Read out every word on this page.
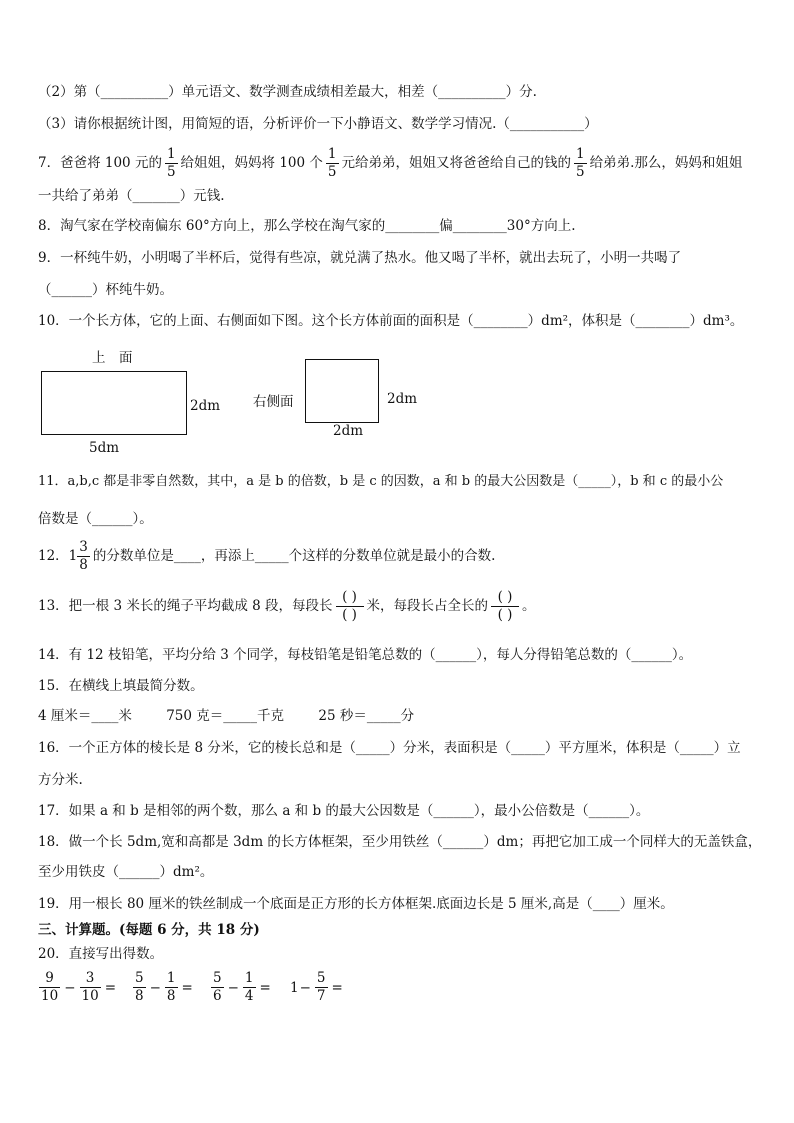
（2）第（__________）单元语文、数学测查成绩相差最大，相差（__________）分.
（3）请你根据统计图，用简短的语，分析评价一下小静语文、数学学习情况.（___________）
7．爸爸将 100 元的 $\frac{1}{5}$ 给姐姐，妈妈将 100 个 $\frac{1}{5}$ 元给弟弟，姐姐又将爸爸给自己的钱的 $\frac{1}{5}$ 给弟弟.那么，妈妈和姐姐
一共给了弟弟（_______）元钱.
8．淘气家在学校南偏东 60°方向上，那么学校在淘气家的________偏________30°方向上.
9．一杯纯牛奶，小明喝了半杯后，觉得有些凉，就兑满了热水。他又喝了半杯，就出去玩了，小明一共喝了
（______）杯纯牛奶。
10．一个长方体，它的上面、右侧面如下图。这个长方体前面的面积是（________）dm²，体积是（________）dm³。
上　面
2dm
5dm
右侧面	2dm
2dm
11．a,b,c 都是非零自然数，其中，a 是 b 的倍数，b 是 c 的因数，a 和 b 的最大公因数是（_____），b 和 c 的最小公
倍数是（______）。
12．$1 \frac{3}{8}$ 的分数单位是____，再添上_____个这样的分数单位就是最小的合数.
13．把一根 3 米长的绳子平均截成 8 段，每段长 $\frac{( )}{( )}$ 米，每段长占全长的 $\frac{( )}{( )}$ 。
14．有 12 枝铅笔，平均分给 3 个同学，每枝铅笔是铅笔总数的（______），每人分得铅笔总数的（______）。
15．在横线上填最简分数。
4 厘米＝____米        750 克＝_____千克        25 秒＝_____分
16．一个正方体的棱长是 8 分米，它的棱长总和是（_____）分米，表面积是（_____）平方厘米，体积是（_____）立
方分米.
17．如果 a 和 b 是相邻的两个数，那么 a 和 b 的最大公因数是（______），最小公倍数是（______）。
18．做一个长 5dm,宽和高都是 3dm 的长方体框架，至少用铁丝（______）dm；再把它加工成一个同样大的无盖铁盒，
至少用铁皮（______）dm²。
19．用一根长 80 厘米的铁丝制成一个底面是正方形的长方体框架.底面边长是 5 厘米,高是（____）厘米。
三、计算题。(每题 6 分，共 18 分)
20．直接写出得数。
$\frac{9}{10} - \frac{3}{10} = \frac{5}{8} - \frac{1}{8} = \frac{5}{6} - \frac{1}{4} = 1 - \frac{5}{7}$ =
